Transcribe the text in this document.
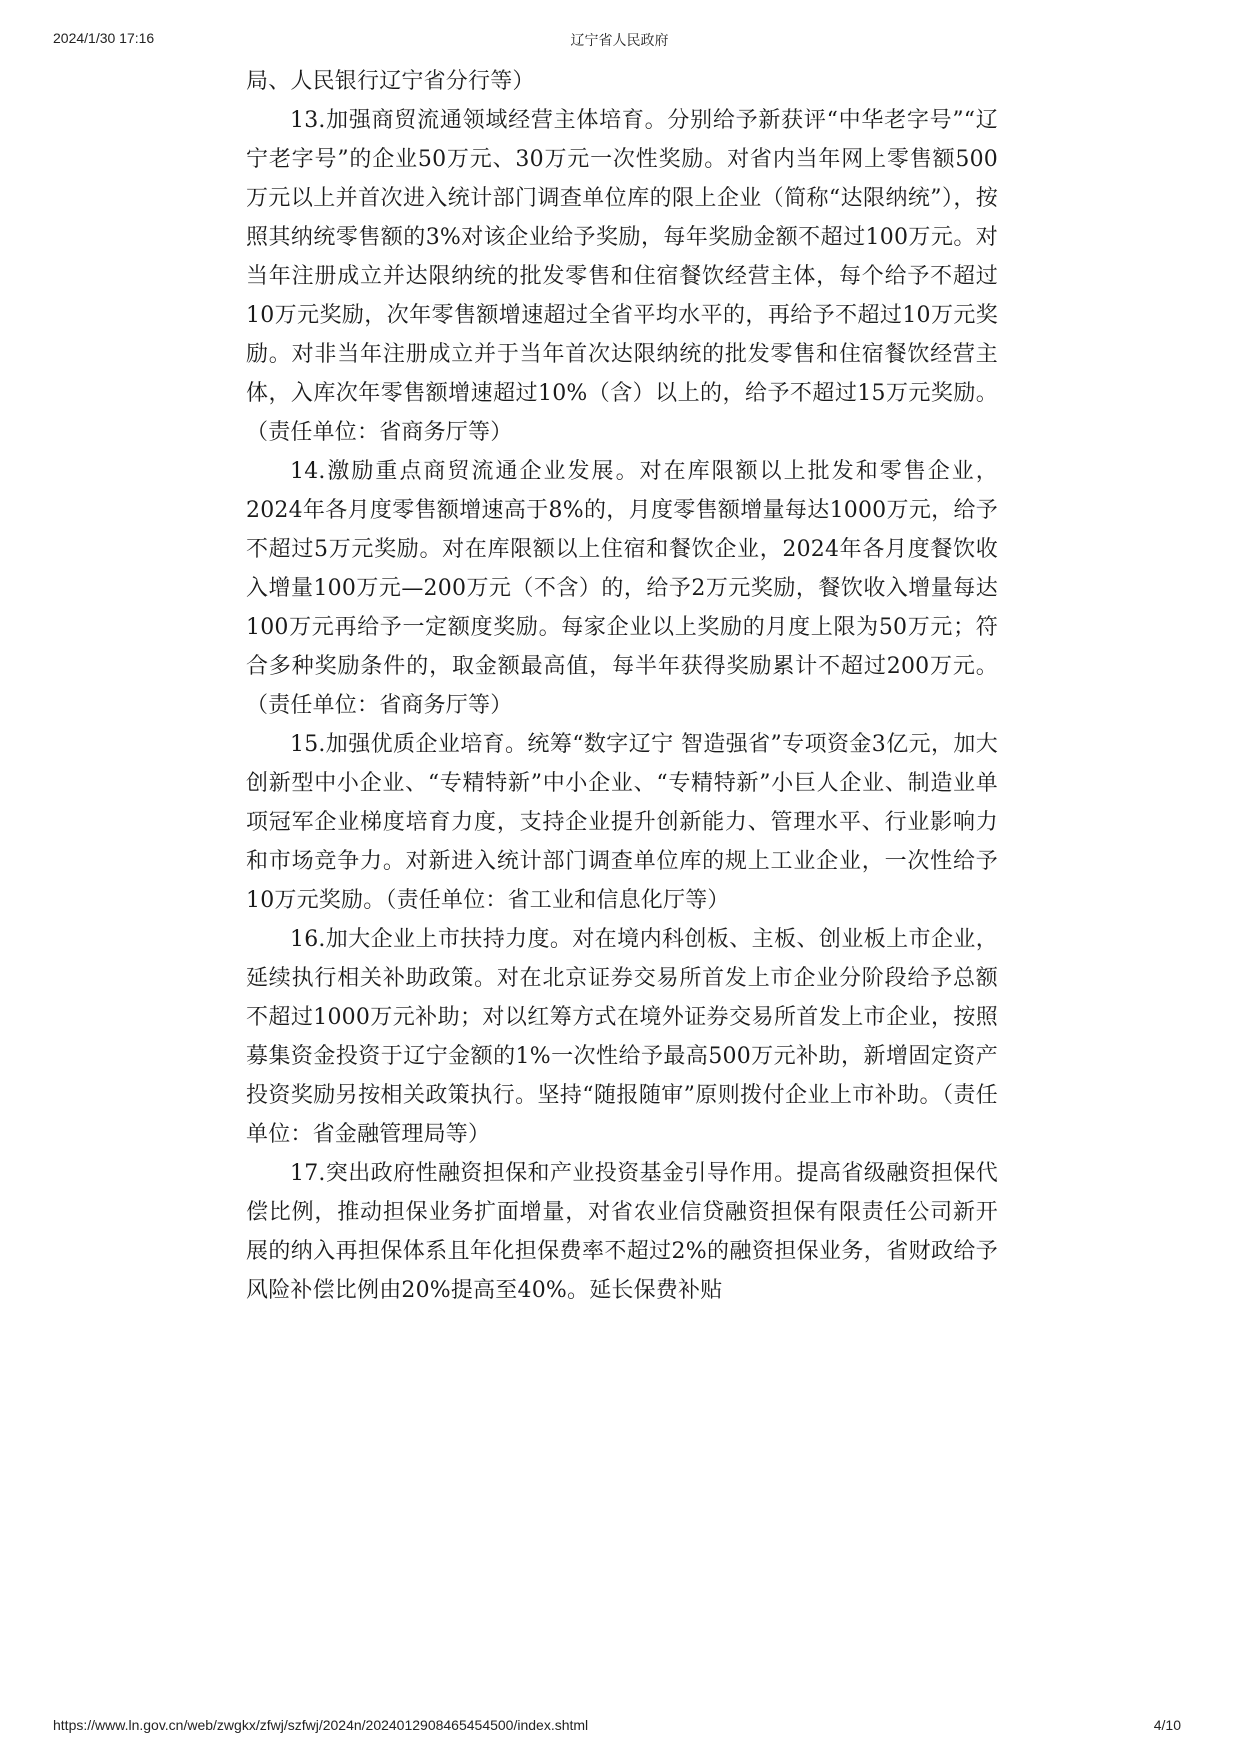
2024/1/30 17:16	辽宁省人民政府

局、人民银行辽宁省分行等）

13.加强商贸流通领域经营主体培育。分别给予新获评“中华老字号”“辽宁老字号”的企业50万元、30万元一次性奖励。对省内当年网上零售额500万元以上并首次进入统计部门调查单位库的限上企业（简称“达限纳统”），按照其纳统零售额的3%对该企业给予奖励，每年奖励金额不超过100万元。对当年注册成立并达限纳统的批发零售和住宿餐饮经营主体，每个给予不超过10万元奖励，次年零售额增速超过全省平均水平的，再给予不超过10万元奖励。对非当年注册成立并于当年首次达限纳统的批发零售和住宿餐饮经营主体，入库次年零售额增速超过10%（含）以上的，给予不超过15万元奖励。（责任单位：省商务厅等）

14.激励重点商贸流通企业发展。对在库限额以上批发和零售企业，2024年各月度零售额增速高于8%的，月度零售额增量每达1000万元，给予不超过5万元奖励。对在库限额以上住宿和餐饮企业，2024年各月度餐饮收入增量100万元—200万元（不含）的，给予2万元奖励，餐饮收入增量每达100万元再给予一定额度奖励。每家企业以上奖励的月度上限为50万元；符合多种奖励条件的，取金额最高值，每半年获得奖励累计不超过200万元。（责任单位：省商务厅等）

15.加强优质企业培育。统筹“数字辽宁 智造强省”专项资金3亿元，加大创新型中小企业、“专精特新”中小企业、“专精特新”小巨人企业、制造业单项冠军企业梯度培育力度，支持企业提升创新能力、管理水平、行业影响力和市场竞争力。对新进入统计部门调查单位库的规上工业企业，一次性给予10万元奖励。（责任单位：省工业和信息化厅等）

16.加大企业上市扶持力度。对在境内科创板、主板、创业板上市企业，延续执行相关补助政策。对在北京证券交易所首发上市企业分阶段给予总额不超过1000万元补助；对以红筹方式在境外证券交易所首发上市企业，按照募集资金投资于辽宁金额的1%一次性给予最高500万元补助，新增固定资产投资奖励另按相关政策执行。坚持“随报随审”原则拨付企业上市补助。（责任单位：省金融管理局等）

17.突出政府性融资担保和产业投资基金引导作用。提高省级融资担保代偿比例，推动担保业务扩面增量，对省农业信贷融资担保有限责任公司新开展的纳入再担保体系且年化担保费率不超过2%的融资担保业务，省财政给予风险补偿比例由20%提高至40%。延长保费补贴

https://www.ln.gov.cn/web/zwgkx/zfwj/szfwj/2024n/2024012908465454500/index.shtml	4/10
